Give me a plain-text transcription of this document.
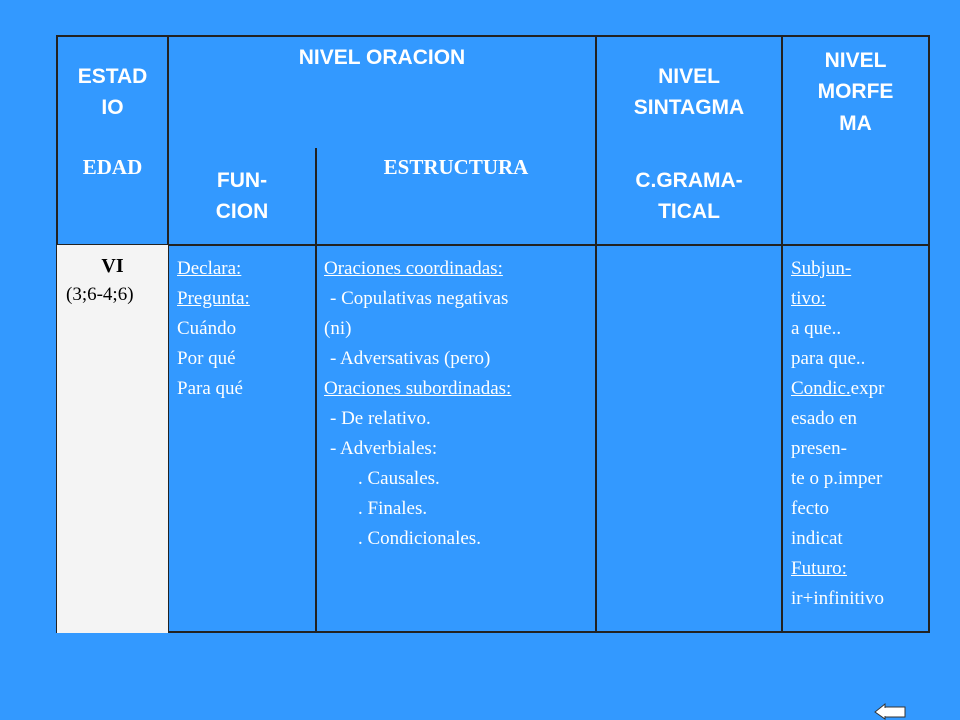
ESTAD
IO
NIVEL ORACION
NIVEL
SINTAGMA
NIVEL
MORFE
MA
EDAD
FUN-
CION
ESTRUCTURA
C.GRAMA-
TICAL
VI
(3;6-4;6)
Declara:
Pregunta:
Cuándo
Por qué
Para qué
Oraciones coordinadas:
- Copulativas negativas
(ni)
- Adversativas (pero)
Oraciones subordinadas:
- De relativo.
- Adverbiales:
. Causales.
. Finales.
. Condicionales.
Subjun-
tivo:
a que..
para que..
Condic.expr
esado en
presen-
te o p.imper
fecto
indicat
Futuro:
ir+infinitivo
